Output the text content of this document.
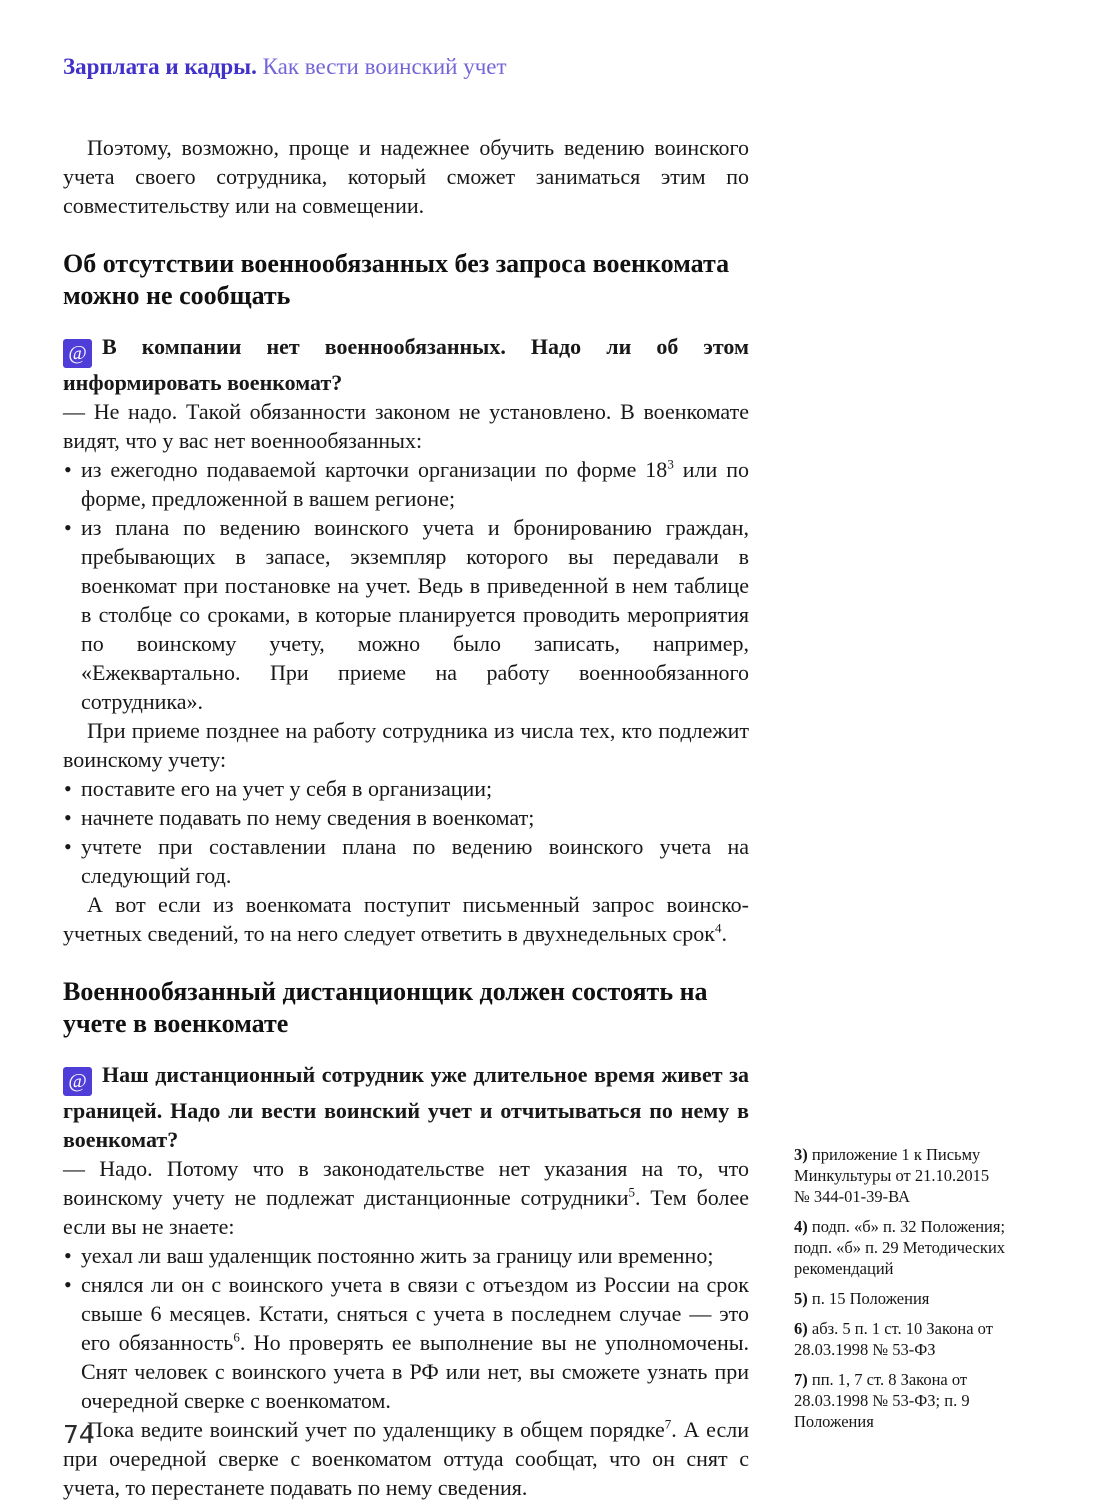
Зарплата и кадры. Как вести воинский учет

Поэтому, возможно, проще и надежнее обучить ведению воинского учета своего сотрудника, который сможет заниматься этим по совместительству или на совмещении.

Об отсутствии военнообязанных без запроса военкомата можно не сообщать

@ В компании нет военнообязанных. Надо ли об этом информировать военкомат?

— Не надо. Такой обязанности законом не установлено. В военкомате видят, что у вас нет военнообязанных:

• из ежегодно подаваемой карточки организации по форме $18^3$ или по форме, предложенной в вашем регионе;
• из плана по ведению воинского учета и бронированию граждан, пребывающих в запасе, экземпляр которого вы передавали в военкомат при постановке на учет. Ведь в приведенной в нем таблице в столбце со сроками, в которые планируется проводить мероприятия по воинскому учету, можно было записать, например, «Ежеквартально. При приеме на работу военнообязанного сотрудника».

При приеме позднее на работу сотрудника из числа тех, кто подлежит воинскому учету:

• поставите его на учет у себя в организации;
• начнете подавать по нему сведения в военкомат;
• учтете при составлении плана по ведению воинского учета на следующий год.

А вот если из военкомата поступит письменный запрос воинско-учетных сведений, то на него следует ответить в двухнедельных срок$^4$.

Военнообязанный дистанционщик должен состоять на учете в военкомате

@ Наш дистанционный сотрудник уже длительное время живет за границей. Надо ли вести воинский учет и отчитываться по нему в военкомат?

— Надо. Потому что в законодательстве нет указания на то, что воинскому учету не подлежат дистанционные сотрудники$^5$. Тем более если вы не знаете:

• уехал ли ваш удаленщик постоянно жить за границу или временно;
• снялся ли он с воинского учета в связи с отъездом из России на срок свыше 6 месяцев. Кстати, сняться с учета в последнем случае — это его обязанность$^6$. Но проверять ее выполнение вы не уполномочены. Снят человек с воинского учета в РФ или нет, вы сможете узнать при очередной сверке с военкоматом.

Пока ведите воинский учет по удаленщику в общем порядке$^7$. А если при очередной сверке с военкоматом оттуда сообщат, что он снят с учета, то перестанете подавать по нему сведения.

3) приложение 1 к Письму Минкультуры от 21.10.2015 № 344-01-39-ВА

4) подп. «б» п. 32 Положения; подп. «б» п. 29 Методических рекомендаций

5) п. 15 Положения

6) абз. 5 п. 1 ст. 10 Закона от 28.03.1998 № 53-ФЗ

7) пп. 1, 7 ст. 8 Закона от 28.03.1998 № 53-ФЗ; п. 9 Положения

74
